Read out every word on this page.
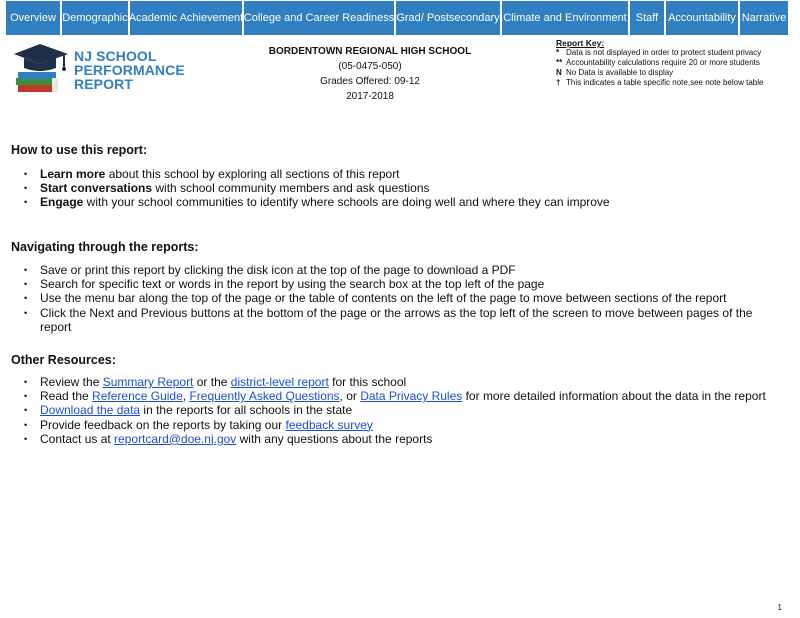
Overview Demographic Academic Achievement College and Career Readiness Grad/ Postsecondary Climate and Environment Staff Accountability Narrative
NJ SCHOOL
PERFORMANCE
REPORT
BORDENTOWN REGIONAL HIGH SCHOOL
(05-0475-050)
Grades Offered: 09-12
2017-2018
Report Key:
* Data is not displayed in order to protect student privacy
** Accountability calculations require 20 or more students
N No Data is available to display
† This indicates a table specific note,see note below table
How to use this report:
• Learn more about this school by exploring all sections of this report
• Start conversations with school community members and ask questions
• Engage with your school communities to identify where schools are doing well and where they can improve
Navigating through the reports:
• Save or print this report by clicking the disk icon at the top of the page to download a PDF
• Search for specific text or words in the report by using the search box at the top left of the page
• Use the menu bar along the top of the page or the table of contents on the left of the page to move between sections of the report
• Click the Next and Previous buttons at the bottom of the page or the arrows as the top left of the screen to move between pages of the report
Other Resources:
• Review the Summary Report or the district-level report for this school
• Read the Reference Guide, Frequently Asked Questions, or Data Privacy Rules for more detailed information about the data in the report
• Download the data in the reports for all schools in the state
• Provide feedback on the reports by taking our feedback survey
• Contact us at reportcard@doe.nj.gov with any questions about the reports
1
